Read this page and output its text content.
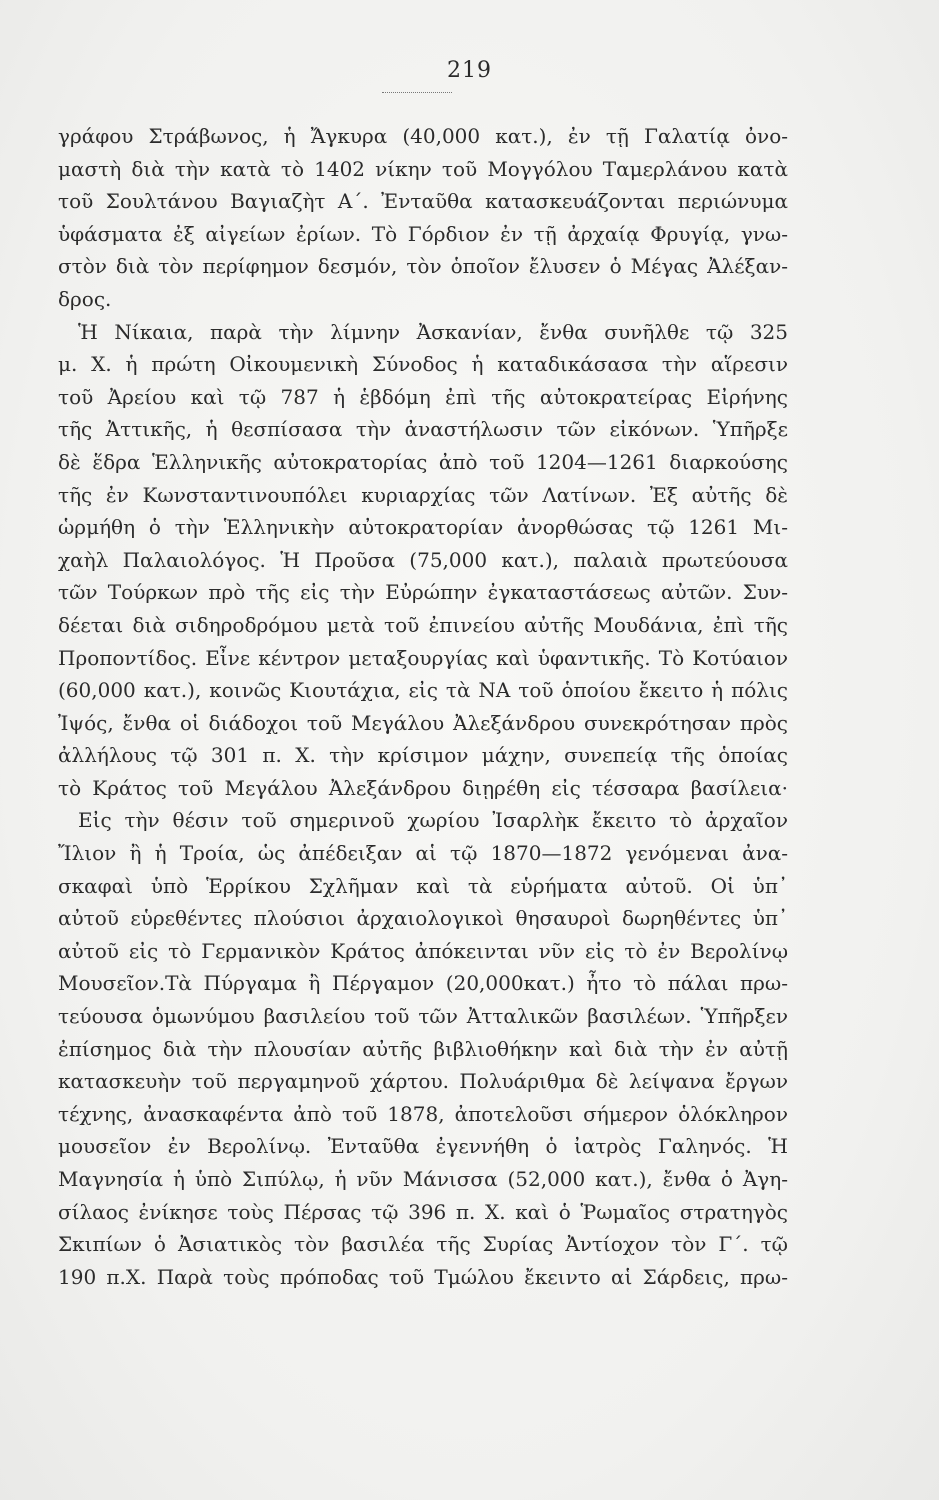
219
γράφου Στράβωνος, ἡ Ἄγκυρα (40,000 κατ.), ἐν τῇ Γαλατίᾳ ὀνο-
μαστὴ διὰ τὴν κατὰ τὸ 1402 νίκην τοῦ Μογγόλου Ταμερλάνου κατὰ
τοῦ Σουλτάνου Βαγιαζὴτ Α΄. Ἐνταῦθα κατασκευάζονται περιώνυμα
ὑφάσματα ἐξ αἰγείων ἐρίων. Τὸ Γόρδιον ἐν τῇ ἀρχαίᾳ Φρυγίᾳ, γνω-
στὸν διὰ τὸν περίφημον δεσμόν, τὸν ὁποῖον ἔλυσεν ὁ Μέγας Ἀλέξαν-
δρος.
Ἡ Νίκαια, παρὰ τὴν λίμνην Ἀσκανίαν, ἔνθα συνῆλθε τῷ 325
μ. Χ. ἡ πρώτη Οἰκουμενικὴ Σύνοδος ἡ καταδικάσασα τὴν αἵρεσιν
τοῦ Ἀρείου καὶ τῷ 787 ἡ ἑβδόμη ἐπὶ τῆς αὐτοκρατείρας Εἰρήνης
τῆς Ἀττικῆς, ἡ θεσπίσασα τὴν ἀναστήλωσιν τῶν εἰκόνων. Ὑπῆρξε
δὲ ἕδρα Ἑλληνικῆς αὐτοκρατορίας ἀπὸ τοῦ 1204—1261 διαρκούσης
τῆς ἐν Κωνσταντινουπόλει κυριαρχίας τῶν Λατίνων. Ἐξ αὐτῆς δὲ
ὡρμήθη ὁ τὴν Ἑλληνικὴν αὐτοκρατορίαν ἀνορθώσας τῷ 1261 Μι-
χαὴλ Παλαιολόγος. Ἡ Προῦσα (75,000 κατ.), παλαιὰ πρωτεύουσα
τῶν Τούρκων πρὸ τῆς εἰς τὴν Εὐρώπην ἐγκαταστάσεως αὐτῶν. Συν-
δέεται διὰ σιδηροδρόμου μετὰ τοῦ ἐπινείου αὐτῆς Μουδάνια, ἐπὶ τῆς
Προποντίδος. Εἶνε κέντρον μεταξουργίας καὶ ὑφαντικῆς. Τὸ Κοτύαιον
(60,000 κατ.), κοινῶς Κιουτάχια, εἰς τὰ ΝΑ τοῦ ὁποίου ἔκειτο ἡ πόλις
Ἰψός, ἔνθα οἱ διάδοχοι τοῦ Μεγάλου Ἀλεξάνδρου συνεκρότησαν πρὸς
ἀλλήλους τῷ 301 π. Χ. τὴν κρίσιμον μάχην, συνεπείᾳ τῆς ὁποίας
τὸ Κράτος τοῦ Μεγάλου Ἀλεξάνδρου διῃρέθη εἰς τέσσαρα βασίλεια·
Εἰς τὴν θέσιν τοῦ σημερινοῦ χωρίου Ἰσαρλὴκ ἔκειτο τὸ ἀρχαῖον
Ἴλιον ἢ ἡ Τροία, ὡς ἀπέδειξαν αἱ τῷ 1870—1872 γενόμεναι ἀνα-
σκαφαὶ ὑπὸ Ἑρρίκου Σχλῆμαν καὶ τὰ εὑρήματα αὐτοῦ. Οἱ ὑπ᾽
αὐτοῦ εὑρεθέντες πλούσιοι ἀρχαιολογικοὶ θησαυροὶ δωρηθέντες ὑπ᾽
αὐτοῦ εἰς τὸ Γερμανικὸν Κράτος ἀπόκεινται νῦν εἰς τὸ ἐν Βερολίνῳ
Μουσεῖον.Τὰ Πύργαμα ἢ Πέργαμον (20,000κατ.) ἦτο τὸ πάλαι πρω-
τεύουσα ὁμωνύμου βασιλείου τοῦ τῶν Ἀτταλικῶν βασιλέων. Ὑπῆρξεν
ἐπίσημος διὰ τὴν πλουσίαν αὐτῆς βιβλιοθήκην καὶ διὰ τὴν ἐν αὐτῇ
κατασκευὴν τοῦ περγαμηνοῦ χάρτου. Πολυάριθμα δὲ λείψανα ἔργων
τέχνης, ἀνασκαφέντα ἀπὸ τοῦ 1878, ἀποτελοῦσι σήμερον ὁλόκληρον
μουσεῖον ἐν Βερολίνῳ. Ἐνταῦθα ἐγεννήθη ὁ ἰατρὸς Γαληνός. Ἡ
Μαγνησία ἡ ὑπὸ Σιπύλῳ, ἡ νῦν Μάνισσα (52,000 κατ.), ἔνθα ὁ Ἀγη-
σίλαος ἐνίκησε τοὺς Πέρσας τῷ 396 π. Χ. καὶ ὁ Ῥωμαῖος στρατηγὸς
Σκιπίων ὁ Ἀσιατικὸς τὸν βασιλέα τῆς Συρίας Ἀντίοχον τὸν Γ΄. τῷ
190 π.Χ. Παρὰ τοὺς πρόποδας τοῦ Τμώλου ἔκειντο αἱ Σάρδεις, πρω-
